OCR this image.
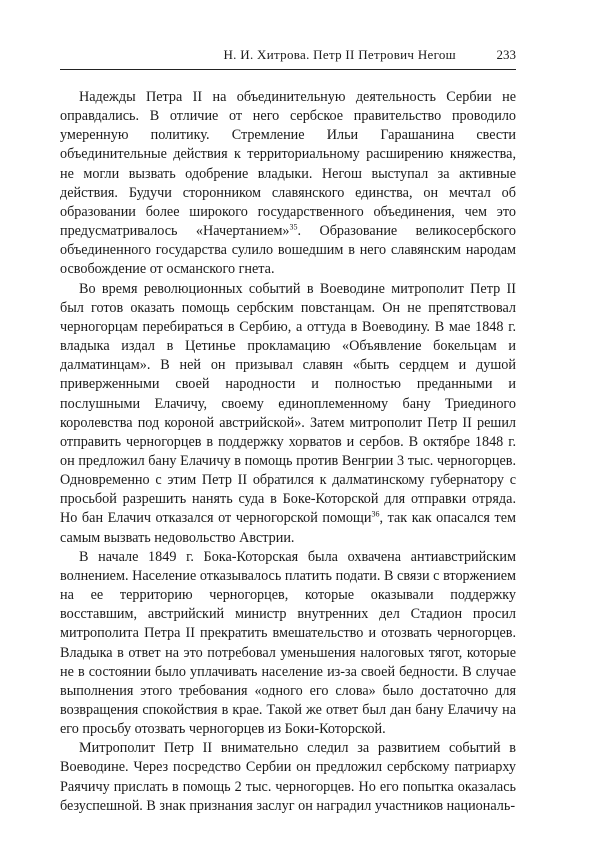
Н. И. Хитрова. Петр II Петрович Негош	233

Надежды Петра II на объединительную деятельность Сербии не оправдались. В отличие от него сербское правительство проводило умеренную политику. Стремление Ильи Гарашанина свести объединительные действия к территориальному расширению княжества, не могли вызвать одобрение владыки. Негош выступал за активные действия. Будучи сторонником славянского единства, он мечтал об образовании более широкого государственного объединения, чем это предусматривалось «Начертанием»$^{35}$. Образование великосербского объединенного государства сулило вошедшим в него славянским народам освобождение от османского гнета.

Во время революционных событий в Воеводине митрополит Петр II был готов оказать помощь сербским повстанцам. Он не препятствовал черногорцам перебираться в Сербию, а оттуда в Воеводину. В мае 1848 г. владыка издал в Цетинье прокламацию «Объявление бокельцам и далматинцам». В ней он призывал славян «быть сердцем и душой приверженными своей народности и полностью преданными и послушными Елачичу, своему единоплеменному бану Триединого королевства под короной австрийской». Затем митрополит Петр II решил отправить черногорцев в поддержку хорватов и сербов. В октябре 1848 г. он предложил бану Елачичу в помощь против Венгрии 3 тыс. черногорцев. Одновременно с этим Петр II обратился к далматинскому губернатору с просьбой разрешить нанять суда в Боке-Которской для отправки отряда. Но бан Елачич отказался от черногорской помощи$^{36}$, так как опасался тем самым вызвать недовольство Австрии.

В начале 1849 г. Бока-Которская была охвачена антиавстрийским волнением. Население отказывалось платить подати. В связи с вторжением на ее территорию черногорцев, которые оказывали поддержку восставшим, австрийский министр внутренних дел Стадион просил митрополита Петра II прекратить вмешательство и отозвать черногорцев. Владыка в ответ на это потребовал уменьшения налоговых тягот, которые не в состоянии было уплачивать население из-за своей бедности. В случае выполнения этого требования «одного его слова» было достаточно для возвращения спокойствия в крае. Такой же ответ был дан бану Елачичу на его просьбу отозвать черногорцев из Боки-Которской.

Митрополит Петр II внимательно следил за развитием событий в Воеводине. Через посредство Сербии он предложил сербскому патриарху Раячичу прислать в помощь 2 тыс. черногорцев. Но его попытка оказалась безуспешной. В знак признания заслуг он наградил участников националь-
